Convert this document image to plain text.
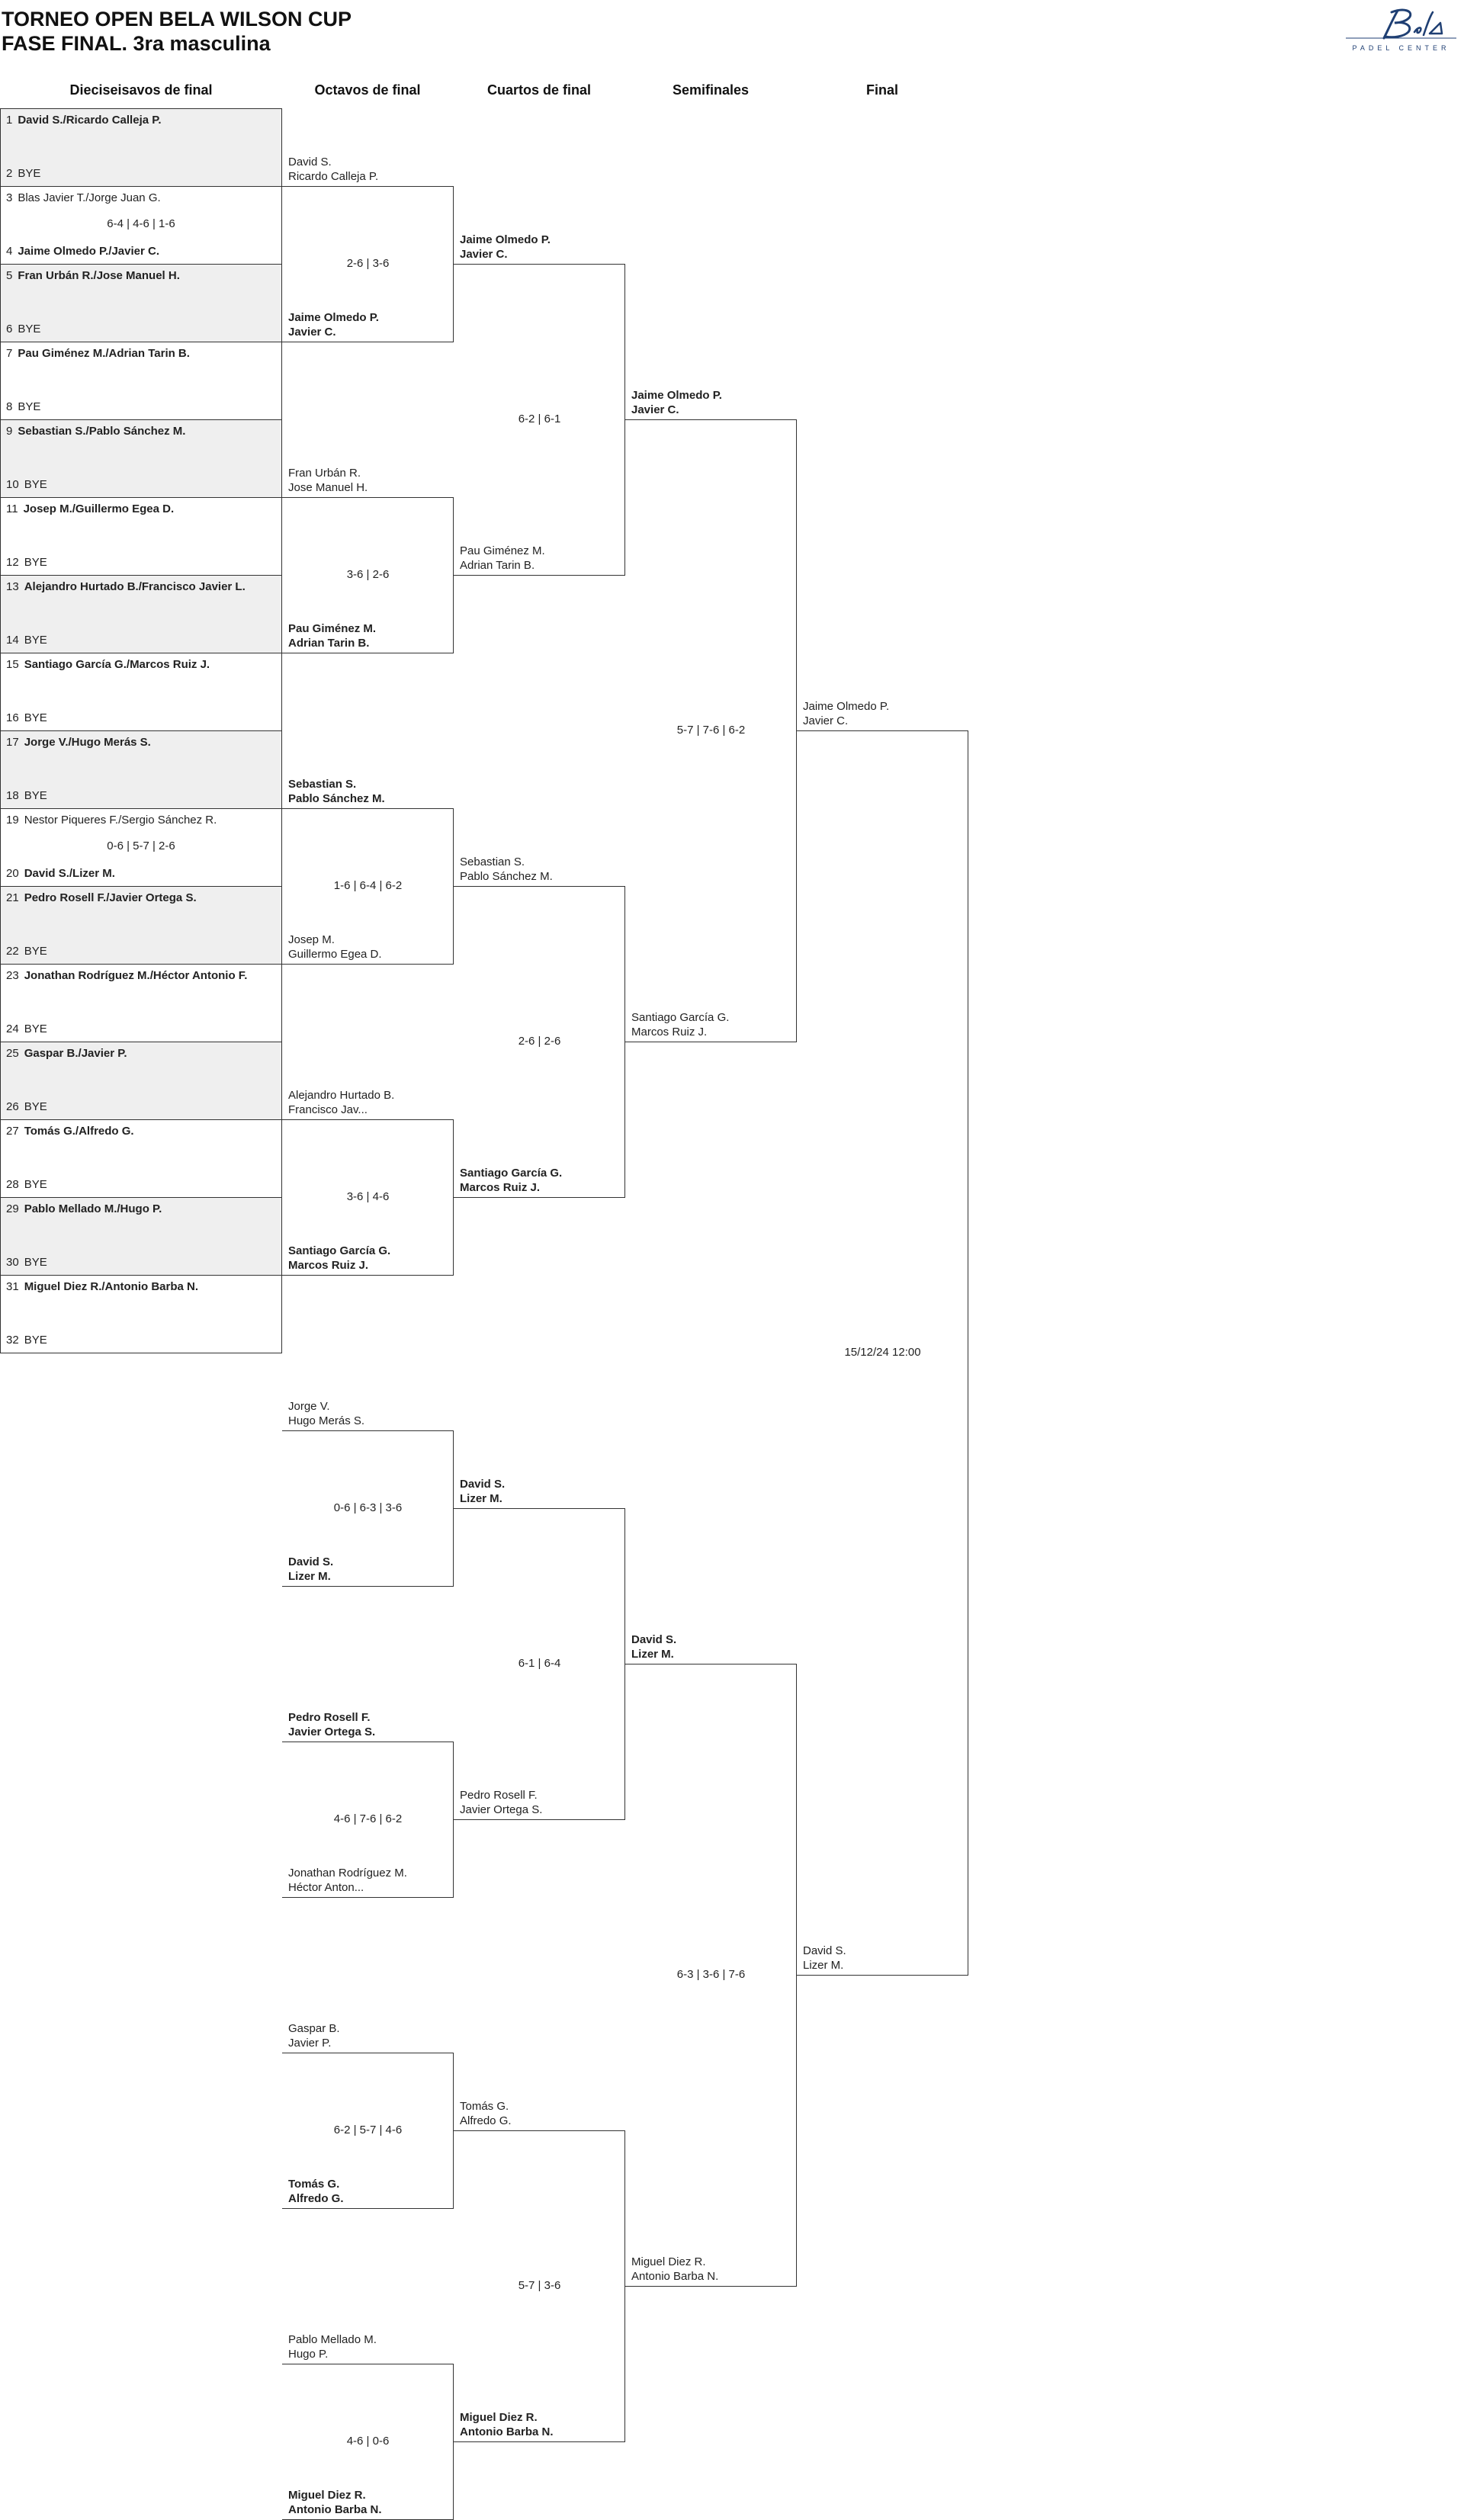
TORNEO OPEN BELA WILSON CUP
FASE FINAL. 3ra masculina	PADEL CENTER
Dieciseisavos de final	Octavos de final	Cuartos de final	Semifinales	Final
1 David S./Ricardo Calleja P.
2 BYE
3 Blas Javier T./Jorge Juan G.
4 Jaime Olmedo P./Javier C.
6-4 | 4-6 | 1-6
5 Fran Urbán R./Jose Manuel H.
6 BYE
7 Pau Giménez M./Adrian Tarin B.
8 BYE
9 Sebastian S./Pablo Sánchez M.
10 BYE
11 Josep M./Guillermo Egea D.
12 BYE
13 Alejandro Hurtado B./Francisco Javier L.
14 BYE
15 Santiago García G./Marcos Ruiz J.
16 BYE
17 Jorge V./Hugo Merás S.
18 BYE
19 Nestor Piqueres F./Sergio Sánchez R.
20 David S./Lizer M.
0-6 | 5-7 | 2-6
21 Pedro Rosell F./Javier Ortega S.
22 BYE
23 Jonathan Rodríguez M./Héctor Antonio F.
24 BYE
25 Gaspar B./Javier P.
26 BYE
27 Tomás G./Alfredo G.
28 BYE
29 Pablo Mellado M./Hugo P.
30 BYE
31 Miguel Diez R./Antonio Barba N.
32 BYE
David S.
Ricardo Calleja P.
Jaime Olmedo P.
Javier C.
2-6 | 3-6
Fran Urbán R.
Jose Manuel H.
Pau Giménez M.
Adrian Tarin B.
3-6 | 2-6
Sebastian S.
Pablo Sánchez M.
Josep M.
Guillermo Egea D.
1-6 | 6-4 | 6-2
Alejandro Hurtado B.
Francisco Jav...
Santiago García G.
Marcos Ruiz J.
3-6 | 4-6
Jorge V.
Hugo Merás S.
David S.
Lizer M.
0-6 | 6-3 | 3-6
Pedro Rosell F.
Javier Ortega S.
Jonathan Rodríguez M.
Héctor Anton...
4-6 | 7-6 | 6-2
Gaspar B.
Javier P.
Tomás G.
Alfredo G.
6-2 | 5-7 | 4-6
Pablo Mellado M.
Hugo P.
Miguel Diez R.
Antonio Barba N.
4-6 | 0-6
Jaime Olmedo P.
Javier C.
Pau Giménez M.
Adrian Tarin B.
6-2 | 6-1
Sebastian S.
Pablo Sánchez M.
Santiago García G.
Marcos Ruiz J.
2-6 | 2-6
David S.
Lizer M.
Pedro Rosell F.
Javier Ortega S.
6-1 | 6-4
Tomás G.
Alfredo G.
Miguel Diez R.
Antonio Barba N.
5-7 | 3-6
Jaime Olmedo P.
Javier C.
Santiago García G.
Marcos Ruiz J.
5-7 | 7-6 | 6-2
David S.
Lizer M.
Miguel Diez R.
Antonio Barba N.
6-3 | 3-6 | 7-6
Jaime Olmedo P.
Javier C.
David S.
Lizer M.
15/12/24 12:00
